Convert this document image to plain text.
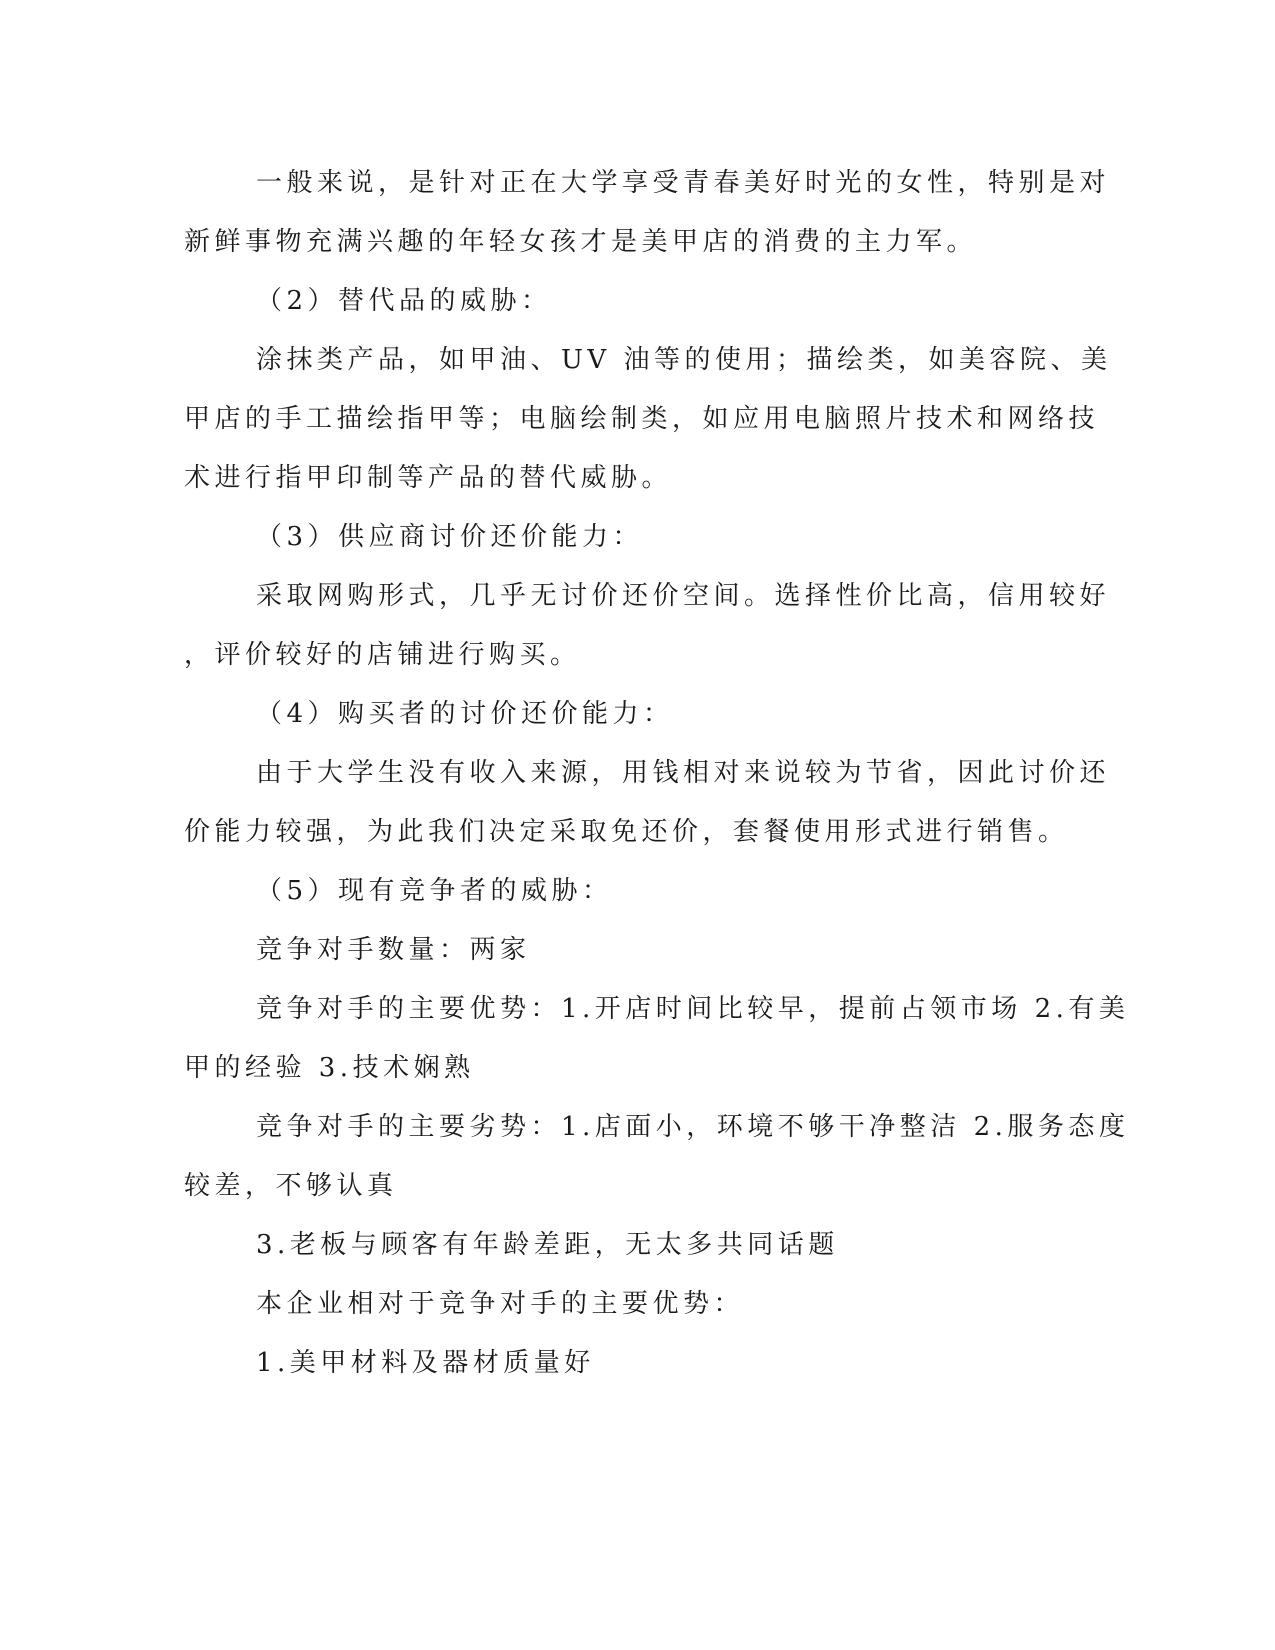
一般来说，是针对正在大学享受青春美好时光的女性，特别是对
新鲜事物充满兴趣的年轻女孩才是美甲店的消费的主力军。
（2）替代品的威胁：
涂抹类产品，如甲油、UV 油等的使用；描绘类，如美容院、美
甲店的手工描绘指甲等；电脑绘制类，如应用电脑照片技术和网络技
术进行指甲印制等产品的替代威胁。
（3）供应商讨价还价能力：
采取网购形式，几乎无讨价还价空间。选择性价比高，信用较好
，评价较好的店铺进行购买。
（4）购买者的讨价还价能力：
由于大学生没有收入来源，用钱相对来说较为节省，因此讨价还
价能力较强，为此我们决定采取免还价，套餐使用形式进行销售。
（5）现有竞争者的威胁：
竞争对手数量：两家
竞争对手的主要优势：1.开店时间比较早，提前占领市场 2.有美
甲的经验 3.技术娴熟
竞争对手的主要劣势：1.店面小，环境不够干净整洁 2.服务态度
较差，不够认真
3.老板与顾客有年龄差距，无太多共同话题
本企业相对于竞争对手的主要优势：
1.美甲材料及器材质量好
